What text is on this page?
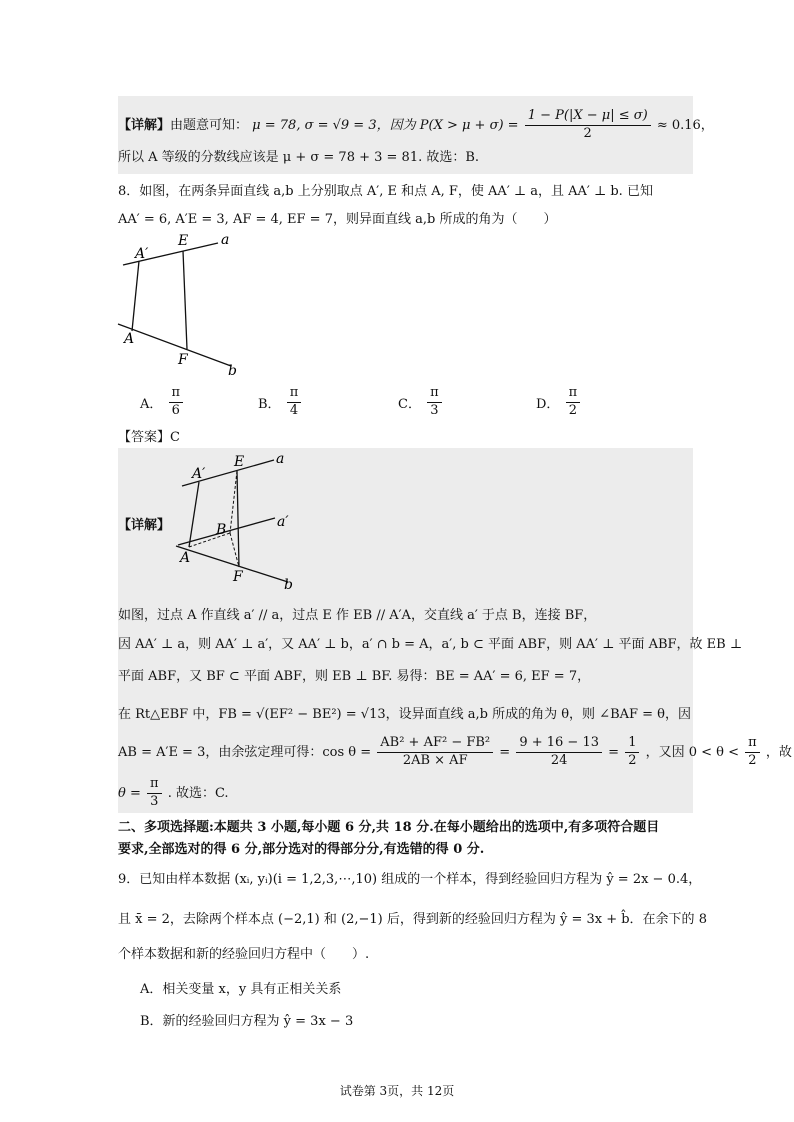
【详解】由题意可知： μ = 78, σ = √9 = 3，因为 $P(X > \mu + \sigma) = \frac{1 - P(|X - \mu| \le \sigma)}{2} \approx 0.16$，
所以 A 等级的分数线应该是 μ + σ = 78 + 3 = 81. 故选：B.
8．如图，在两条异面直线 a,b 上分别取点 A′, E 和点 A, F，使 AA′ ⊥ a，且 AA′ ⊥ b. 已知
AA′ = 6, A′E = 3, AF = 4, EF = 7，则异面直线 a,b 所成的角为（　　）
A′
E a
A
F
b
A． $\frac{\pi}{6}$	B． $\frac{\pi}{4}$	C． $\frac{\pi}{3}$	D． $\frac{\pi}{2}$
【答案】C
【详解】
A′
E a
B	a′
A
F	b
如图，过点 A 作直线 a′ // a，过点 E 作 EB // A′A，交直线 a′ 于点 B，连接 BF，
因 AA′ ⊥ a，则 AA′ ⊥ a′，又 AA′ ⊥ b，a′ ∩ b = A，a′, b ⊂ 平面 ABF，则 AA′ ⊥ 平面 ABF，故 EB ⊥
平面 ABF，又 BF ⊂ 平面 ABF，则 EB ⊥ BF. 易得：BE = AA′ = 6, EF = 7，
在 Rt△EBF 中，FB = √(EF² − BE²) = √13，设异面直线 a,b 所成的角为 θ，则 ∠BAF = θ，因
AB = A′E = 3，由余弦定理可得：$\cos \theta = \frac{\text{AB² + AF² − FB²}}{2AB \times AF} = \frac{9 + 16 - 13}{24} = \frac{1}{2}$ ，又因 $0 < \theta < \frac{\pi}{2}$ ，故
$\theta = \frac{\pi}{3}$ . 故选：C.
二、多项选择题:本题共 3 小题,每小题 6 分,共 18 分.在每小题给出的选项中,有多项符合题目
要求,全部选对的得 6 分,部分选对的得部分分,有选错的得 0 分.
9．已知由样本数据 (xᵢ, yᵢ)(i = 1,2,3,⋯,10) 组成的一个样本，得到经验回归方程为 ŷ = 2x − 0.4，
且 x̄ = 2，去除两个样本点 (−2,1) 和 (2,−1) 后，得到新的经验回归方程为 ŷ = 3x + b̂．在余下的 8
个样本数据和新的经验回归方程中（　　）.
A．相关变量 x，y 具有正相关关系
B．新的经验回归方程为 ŷ = 3x − 3
试卷第 3页，共 12页
